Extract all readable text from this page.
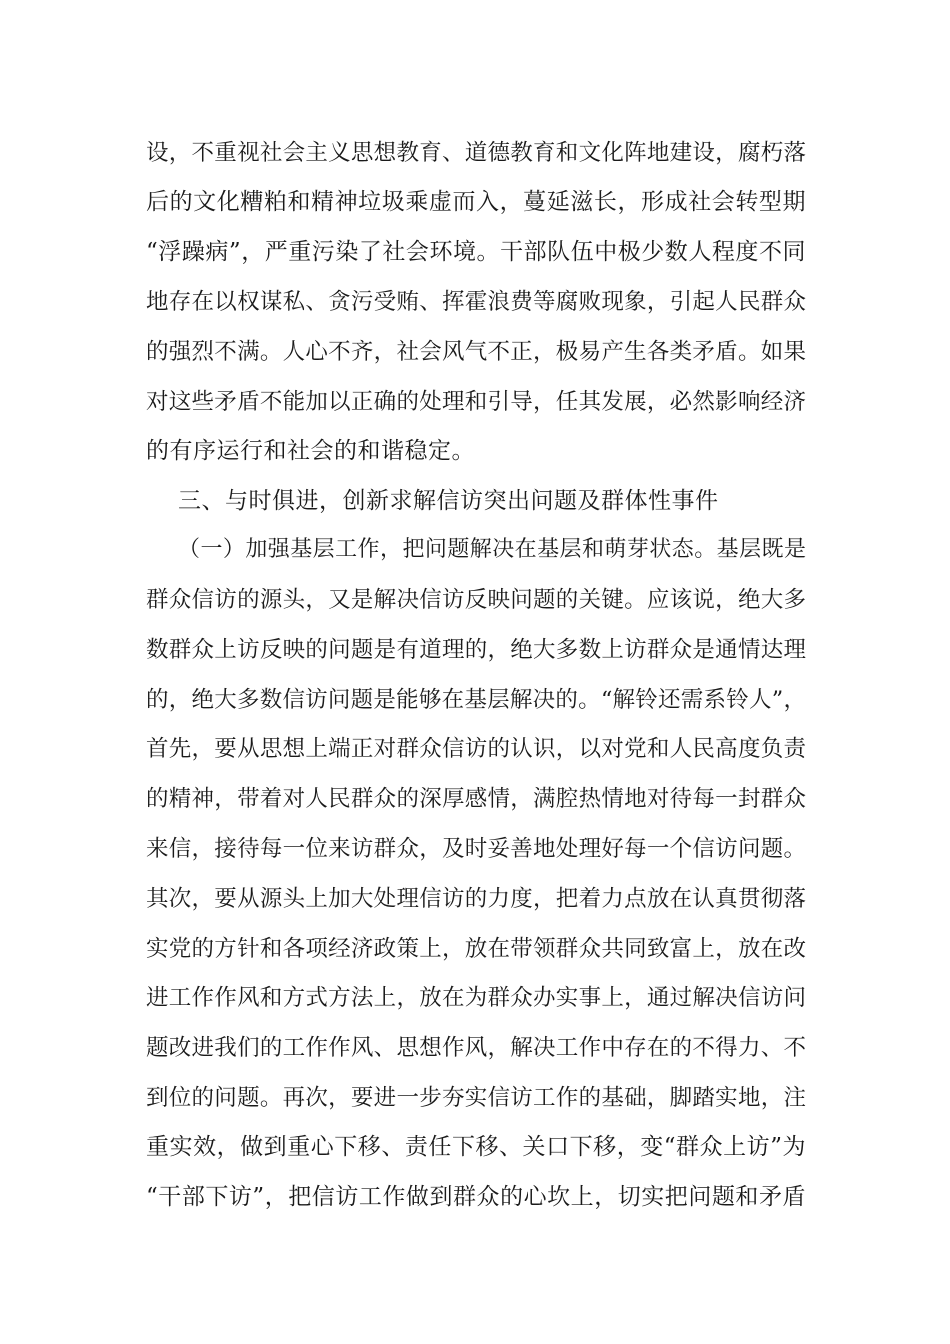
设，不重视社会主义思想教育、道德教育和文化阵地建设，腐朽落
后的文化糟粕和精神垃圾乘虚而入，蔓延滋长，形成社会转型期
“浮躁病”，严重污染了社会环境。干部队伍中极少数人程度不同
地存在以权谋私、贪污受贿、挥霍浪费等腐败现象，引起人民群众
的强烈不满。人心不齐，社会风气不正，极易产生各类矛盾。如果
对这些矛盾不能加以正确的处理和引导，任其发展，必然影响经济
的有序运行和社会的和谐稳定。
三、与时俱进，创新求解信访突出问题及群体性事件
（一）加强基层工作，把问题解决在基层和萌芽状态。基层既是
群众信访的源头，又是解决信访反映问题的关键。应该说，绝大多
数群众上访反映的问题是有道理的，绝大多数上访群众是通情达理
的，绝大多数信访问题是能够在基层解决的。“解铃还需系铃人”，
首先，要从思想上端正对群众信访的认识，以对党和人民高度负责
的精神，带着对人民群众的深厚感情，满腔热情地对待每一封群众
来信，接待每一位来访群众，及时妥善地处理好每一个信访问题。
其次，要从源头上加大处理信访的力度，把着力点放在认真贯彻落
实党的方针和各项经济政策上，放在带领群众共同致富上，放在改
进工作作风和方式方法上，放在为群众办实事上，通过解决信访问
题改进我们的工作作风、思想作风，解决工作中存在的不得力、不
到位的问题。再次，要进一步夯实信访工作的基础，脚踏实地，注
重实效，做到重心下移、责任下移、关口下移，变“群众上访”为
“干部下访”，把信访工作做到群众的心坎上，切实把问题和矛盾
